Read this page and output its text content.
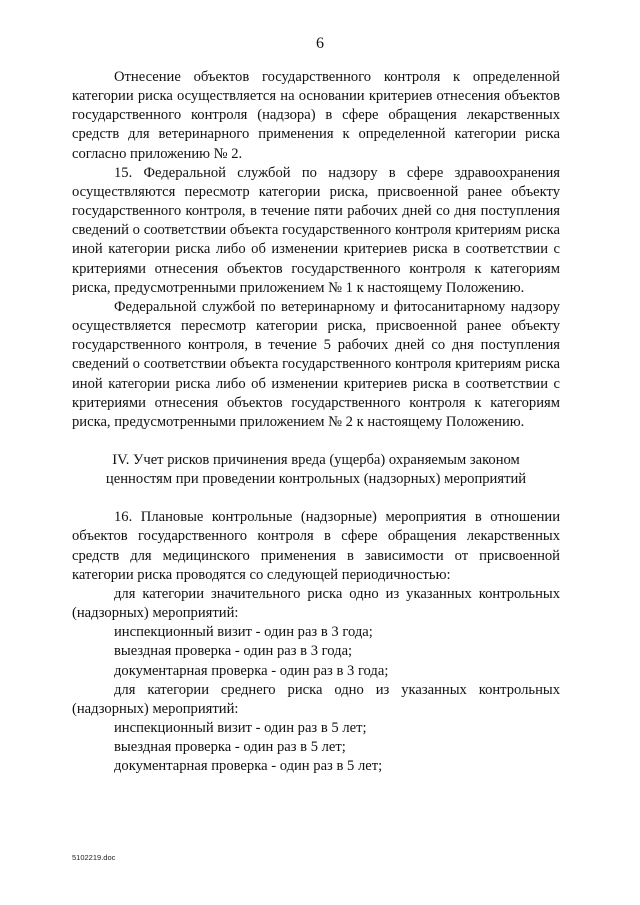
6

Отнесение объектов государственного контроля к определенной категории риска осуществляется на основании критериев отнесения объектов государственного контроля (надзора) в сфере обращения лекарственных средств для ветеринарного применения к определенной категории риска согласно приложению № 2.

15. Федеральной службой по надзору в сфере здравоохранения осуществляются пересмотр категории риска, присвоенной ранее объекту государственного контроля, в течение пяти рабочих дней со дня поступления сведений о соответствии объекта государственного контроля критериям риска иной категории риска либо об изменении критериев риска в соответствии с критериями отнесения объектов государственного контроля к категориям риска, предусмотренными приложением № 1 к настоящему Положению.

Федеральной службой по ветеринарному и фитосанитарному надзору осуществляется пересмотр категории риска, присвоенной ранее объекту государственного контроля, в течение 5 рабочих дней со дня поступления сведений о соответствии объекта государственного контроля критериям риска иной категории риска либо об изменении критериев риска в соответствии с критериями отнесения объектов государственного контроля к категориям риска, предусмотренными приложением № 2 к настоящему Положению.

IV. Учет рисков причинения вреда (ущерба) охраняемым законом
ценностям при проведении контрольных (надзорных) мероприятий

16. Плановые контрольные (надзорные) мероприятия в отношении объектов государственного контроля в сфере обращения лекарственных средств для медицинского применения в зависимости от присвоенной категории риска проводятся со следующей периодичностью:

для категории значительного риска одно из указанных контрольных (надзорных) мероприятий:

инспекционный визит - один раз в 3 года;

выездная проверка - один раз в 3 года;

документарная проверка - один раз в 3 года;

для категории среднего риска одно из указанных контрольных (надзорных) мероприятий:

инспекционный визит - один раз в 5 лет;

выездная проверка - один раз в 5 лет;

документарная проверка - один раз в 5 лет;

5102219.doc
